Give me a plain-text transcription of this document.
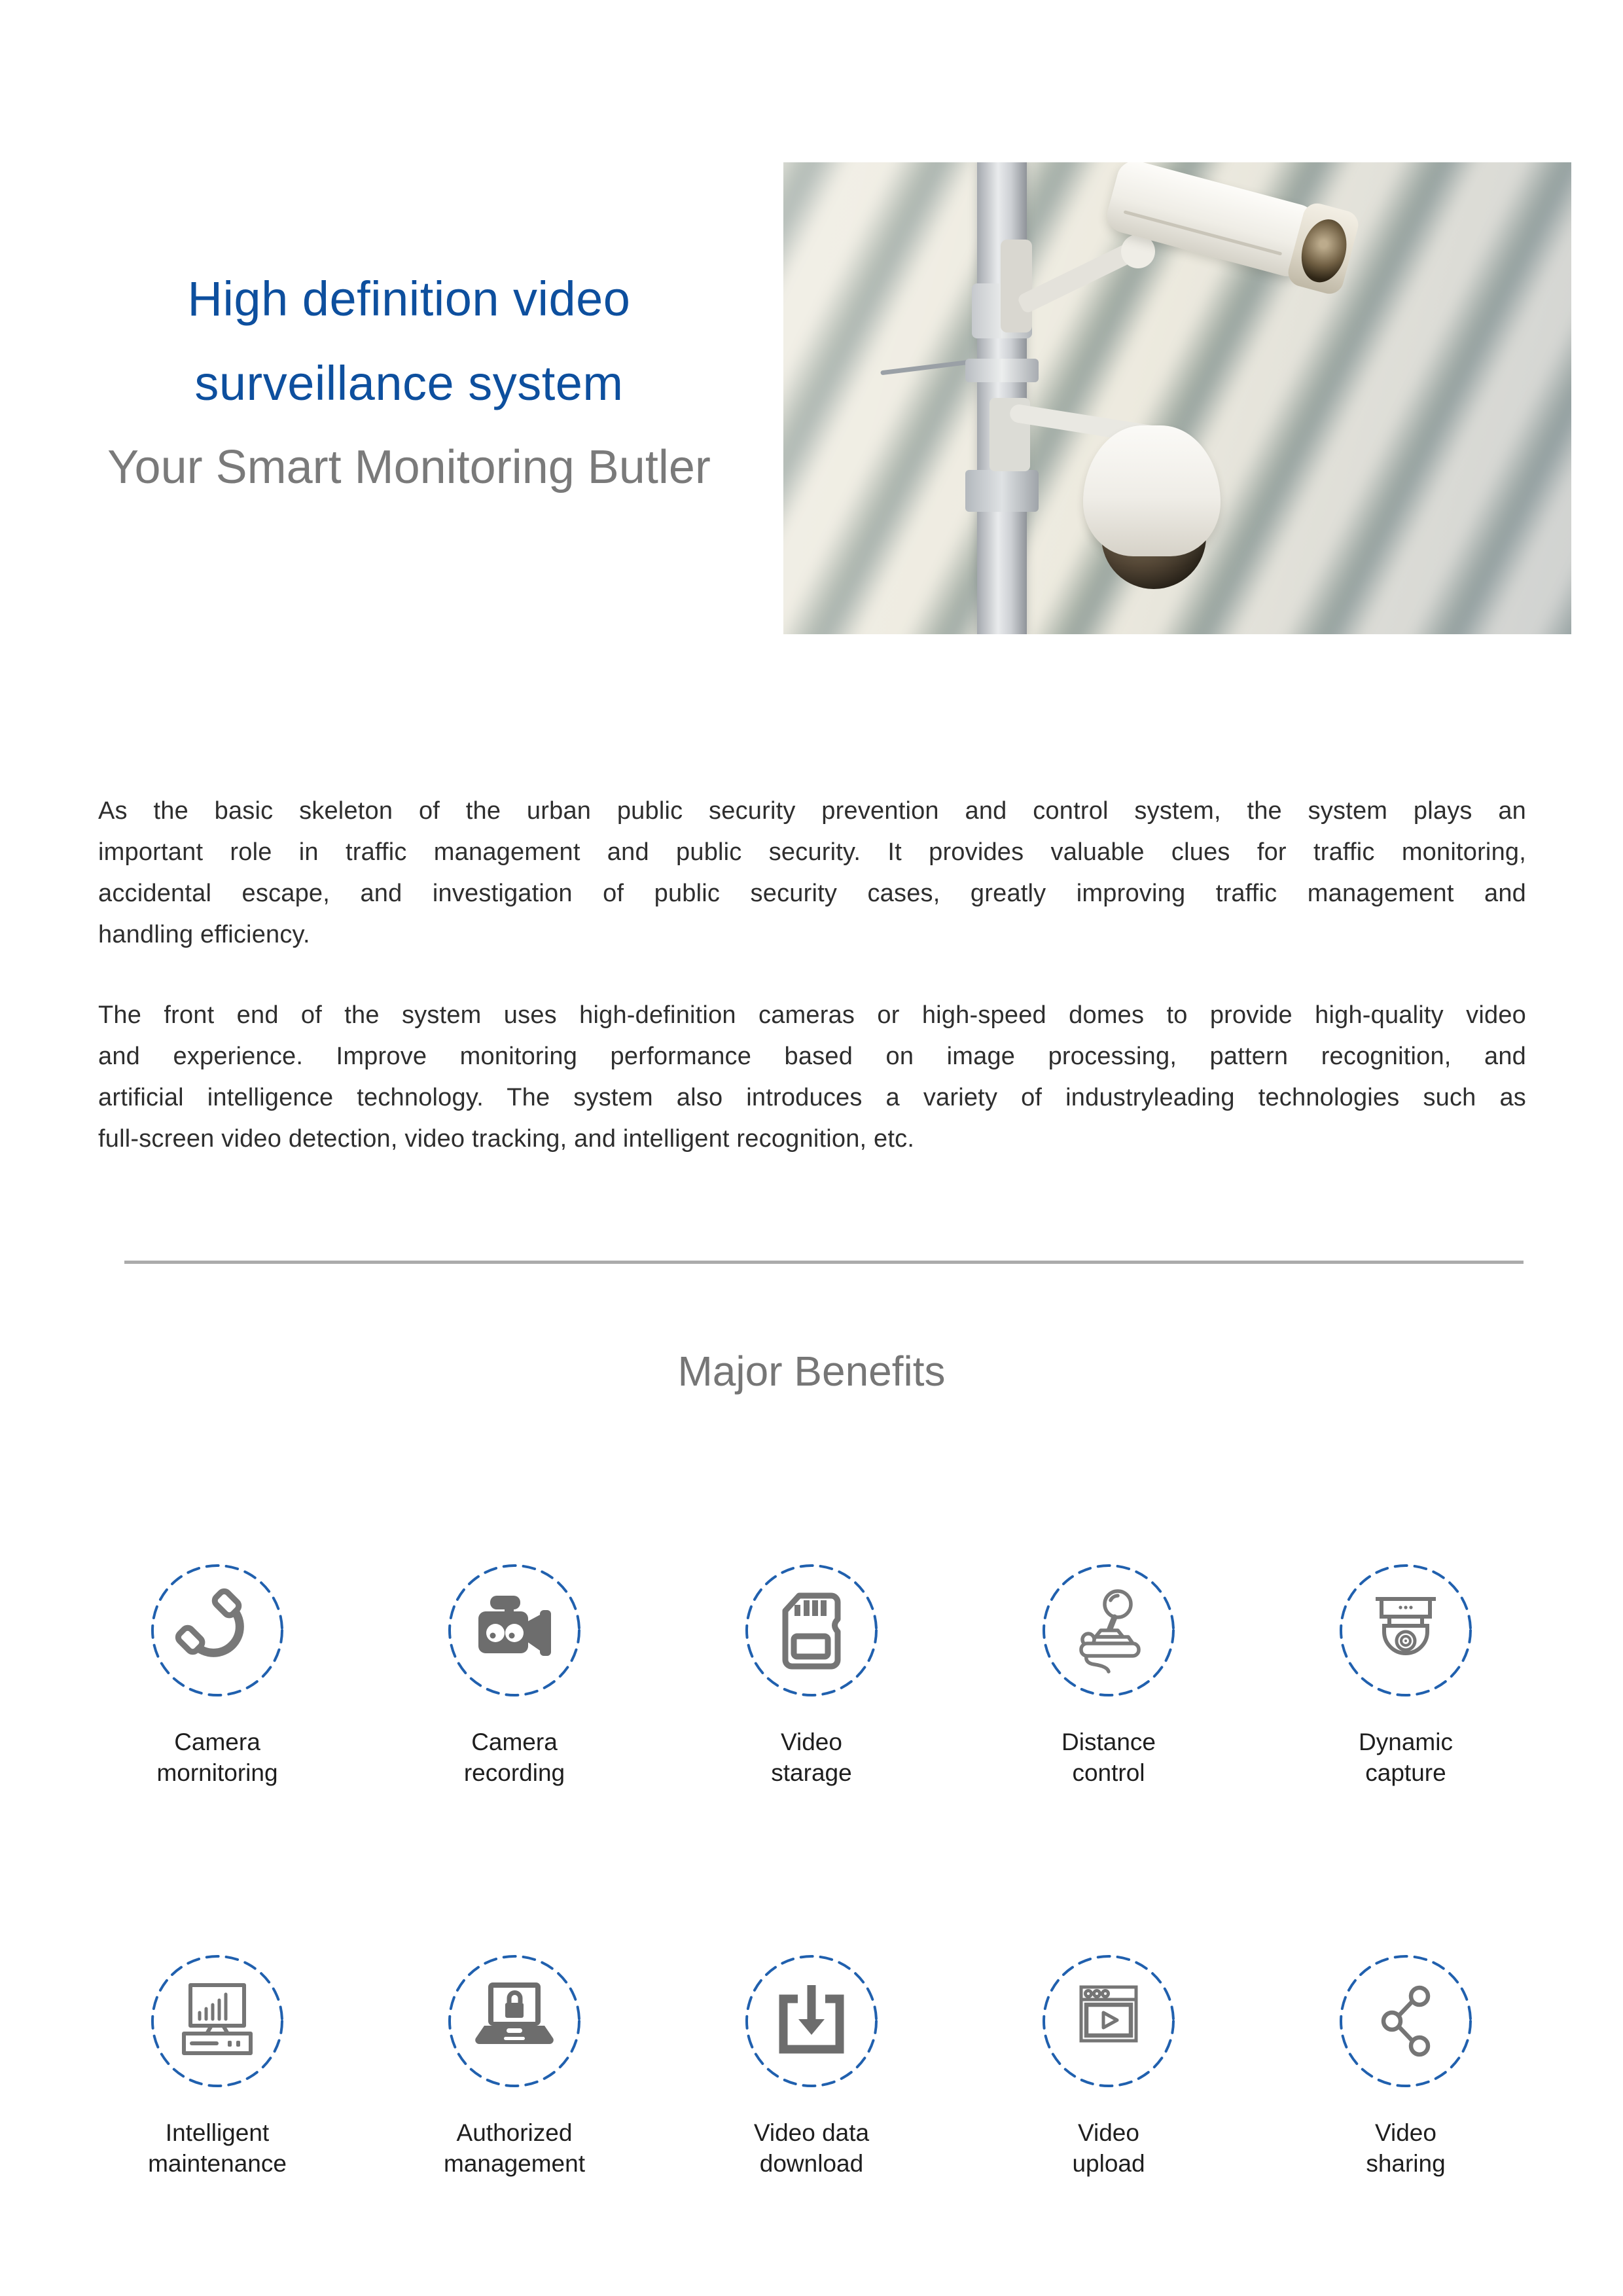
High definition video
surveillance system
Your Smart Monitoring Butler
As the basic skeleton of the urban public security prevention and control system, the system plays an
important role in traffic management and public security. It provides valuable clues for traffic monitoring,
accidental escape, and investigation of public security cases, greatly improving traffic management and
handling efficiency.
The front end of the system uses high-definition cameras or high-speed domes to provide high-quality video
and experience. Improve monitoring performance based on image processing, pattern recognition, and
artificial intelligence technology. The system also introduces a variety of industryleading technologies such as
full-screen video detection, video tracking, and intelligent recognition, etc.
Major Benefits
Camera
mornitoring
Camera
recording
Video
starage
Distance
control
Dynamic
capture
Intelligent
maintenance
Authorized
management
Video data
download
Video
upload
Video
sharing
